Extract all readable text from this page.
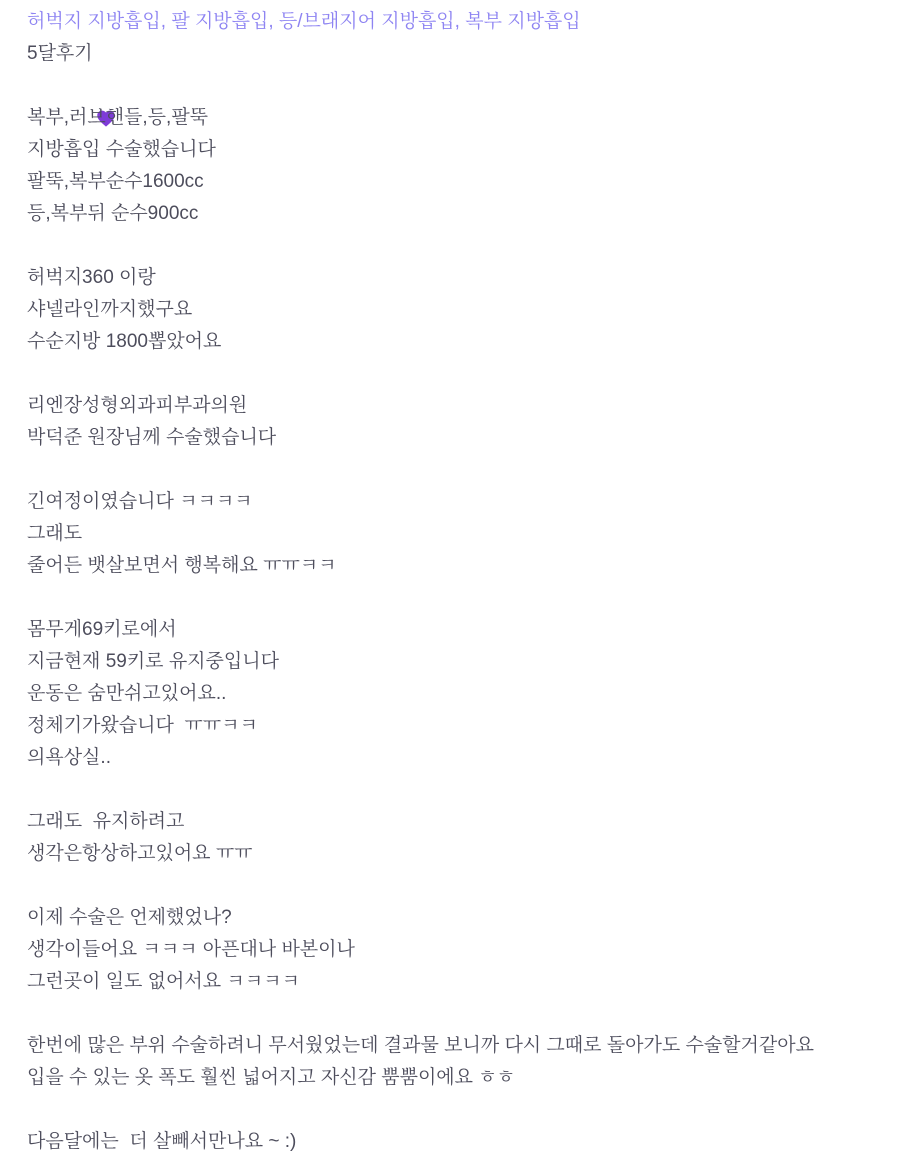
허벅지 지방흡입, 팔 지방흡입, 등/브래지어 지방흡입, 복부 지방흡입
5달후기

복부,러브핸들,등,팔뚝
지방흡입 수술했습니다
팔뚝,복부순수1600cc
등,복부뒤 순수900cc
허벅지360 이랑
샤넬라인까지했구요
수순지방 1800뽑았어요
리엔장성형외과피부과의원
박덕준 원장님께 수술했습니다
긴여정이였습니다 ㅋㅋㅋㅋ
그래도
줄어든 뱃살보면서 행복해요 ㅠㅠㅋㅋ
몸무게69키로에서
지금현재 59키로 유지중입니다
운동은 숨만쉬고있어요..
정체기가왔습니다  ㅠㅠㅋㅋ
의욕상실..
그래도  유지하려고
생각은항상하고있어요 ㅠㅠ
이제 수술은 언제했었나?
생각이들어요 ㅋㅋㅋ 아픈대나 바본이나
그런곳이 일도 없어서요 ㅋㅋㅋㅋ
한번에 많은 부위 수술하려니 무서웠었는데 결과물 보니까 다시 그때로 돌아가도 수술할거같아요
입을 수 있는 옷 폭도 훨씬 넓어지고 자신감 뿜뿜이에요 ㅎㅎ
다음달에는  더 살빼서만나요 ~ :)
